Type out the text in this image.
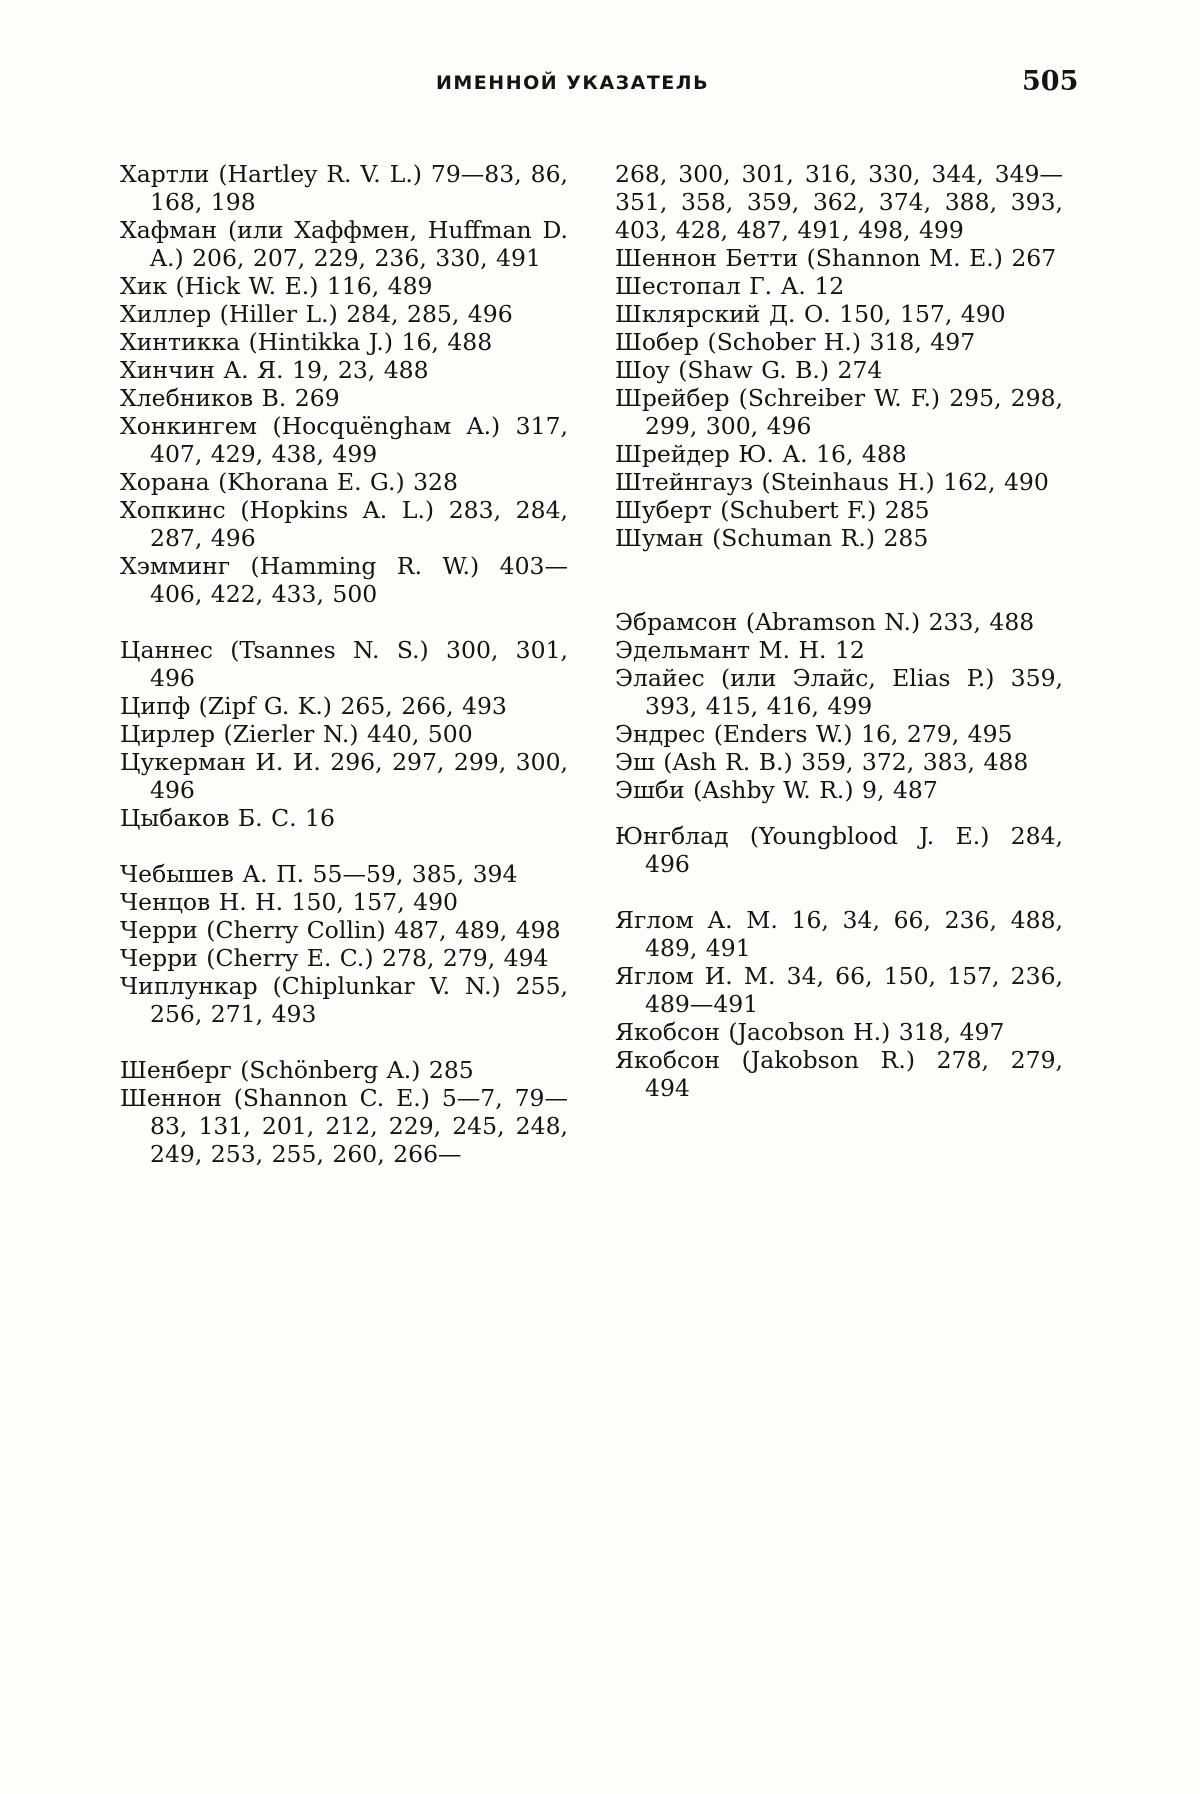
ИМЕННОЙ УКАЗАТЕЛЬ	505

Хартли (Hartley R. V. L.) 79—83, 86, 168, 198

Хафман (или Хаффмен, Huffman D. A.) 206, 207, 229, 236, 330, 491

Хик (Hick W. E.) 116, 489

Хиллер (Hiller L.) 284, 285, 496

Хинтикка (Hintikka J.) 16, 488

Хинчин А. Я. 19, 23, 488

Хлебников В. 269

Хонкингем (Hocquënghaм A.) 317, 407, 429, 438, 499

Хорана (Khorana E. G.) 328

Хопкинс (Hopkins A. L.) 283, 284, 287, 496

Хэмминг (Hamming R. W.) 403—406, 422, 433, 500

Цаннес (Tsannes N. S.) 300, 301, 496

Ципф (Zipf G. K.) 265, 266, 493

Цирлер (Zierler N.) 440, 500

Цукерман И. И. 296, 297, 299, 300, 496

Цыбаков Б. С. 16

Чебышев А. П. 55—59, 385, 394

Ченцов Н. Н. 150, 157, 490

Черри (Cherry Collin) 487, 489, 498

Черри (Cherry E. C.) 278, 279, 494

Чиплункар (Chiplunkar V. N.) 255, 256, 271, 493

Шенберг (Schönberg A.) 285

Шеннон (Shannon C. E.) 5—7, 79—83, 131, 201, 212, 229, 245, 248, 249, 253, 255, 260, 266—

268, 300, 301, 316, 330, 344, 349—351, 358, 359, 362, 374, 388, 393, 403, 428, 487, 491, 498, 499

Шеннон Бетти (Shannon M. E.) 267

Шестопал Г. А. 12

Шклярский Д. О. 150, 157, 490

Шобер (Schober H.) 318, 497

Шоу (Shaw G. B.) 274

Шрейбер (Schreiber W. F.) 295, 298, 299, 300, 496

Шрейдер Ю. А. 16, 488

Штейнгауз (Steinhaus H.) 162, 490

Шуберт (Schubert F.) 285

Шуман (Schuman R.) 285

Эбрамсон (Abramson N.) 233, 488

Эдельмант М. Н. 12

Элайес (или Элайс, Elias P.) 359, 393, 415, 416, 499

Эндрес (Enders W.) 16, 279, 495

Эш (Ash R. B.) 359, 372, 383, 488

Эшби (Ashby W. R.) 9, 487

Юнгблад (Youngblood J. E.) 284, 496

Яглом А. М. 16, 34, 66, 236, 488, 489, 491

Яглом И. М. 34, 66, 150, 157, 236, 489—491

Якобсон (Jacobson H.) 318, 497

Якобсон (Jakobson R.) 278, 279, 494
